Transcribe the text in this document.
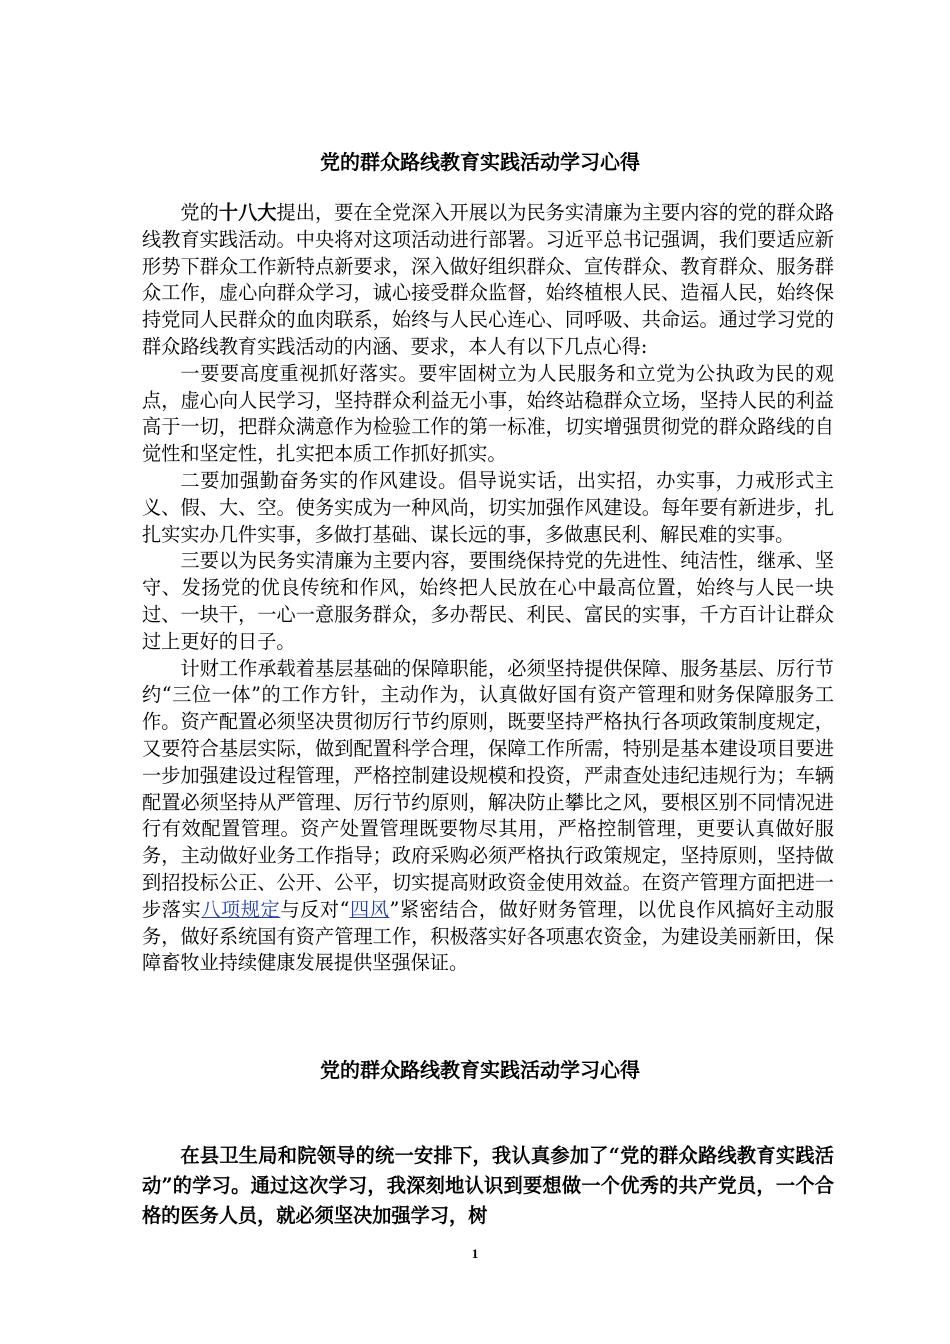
党的群众路线教育实践活动学习心得

党的十八大提出，要在全党深入开展以为民务实清廉为主要内容的党的群众路线教育实践活动。中央将对这项活动进行部署。习近平总书记强调，我们要适应新形势下群众工作新特点新要求，深入做好组织群众、宣传群众、教育群众、服务群众工作，虚心向群众学习，诚心接受群众监督，始终植根人民、造福人民，始终保持党同人民群众的血肉联系，始终与人民心连心、同呼吸、共命运。通过学习党的群众路线教育实践活动的内涵、要求，本人有以下几点心得:

一要要高度重视抓好落实。要牢固树立为人民服务和立党为公执政为民的观点，虚心向人民学习，坚持群众利益无小事，始终站稳群众立场，坚持人民的利益高于一切，把群众满意作为检验工作的第一标准，切实增强贯彻党的群众路线的自觉性和坚定性，扎实把本质工作抓好抓实。

二要加强勤奋务实的作风建设。倡导说实话，出实招，办实事，力戒形式主义、假、大、空。使务实成为一种风尚，切实加强作风建设。每年要有新进步，扎扎实实办几件实事，多做打基础、谋长远的事，多做惠民利、解民难的实事。

三要以为民务实清廉为主要内容，要围绕保持党的先进性、纯洁性，继承、坚守、发扬党的优良传统和作风，始终把人民放在心中最高位置，始终与人民一块过、一块干，一心一意服务群众，多办帮民、利民、富民的实事，千方百计让群众过上更好的日子。

计财工作承载着基层基础的保障职能，必须坚持提供保障、服务基层、厉行节约“三位一体”的工作方针，主动作为，认真做好国有资产管理和财务保障服务工作。资产配置必须坚决贯彻厉行节约原则，既要坚持严格执行各项政策制度规定，又要符合基层实际，做到配置科学合理，保障工作所需，特别是基本建设项目要进一步加强建设过程管理，严格控制建设规模和投资，严肃查处违纪违规行为；车辆配置必须坚持从严管理、厉行节约原则，解决防止攀比之风，要根区别不同情况进行有效配置管理。资产处置管理既要物尽其用，严格控制管理，更要认真做好服务，主动做好业务工作指导；政府采购必须严格执行政策规定，坚持原则，坚持做到招投标公正、公开、公平，切实提高财政资金使用效益。在资产管理方面把进一步落实八项规定与反对“四风”紧密结合，做好财务管理，以优良作风搞好主动服务，做好系统国有资产管理工作，积极落实好各项惠农资金，为建设美丽新田，保障畜牧业持续健康发展提供坚强保证。

党的群众路线教育实践活动学习心得

在县卫生局和院领导的统一安排下，我认真参加了“党的群众路线教育实践活动”的学习。通过这次学习，我深刻地认识到要想做一个优秀的共产党员，一个合格的医务人员，就必须坚决加强学习，树

1
